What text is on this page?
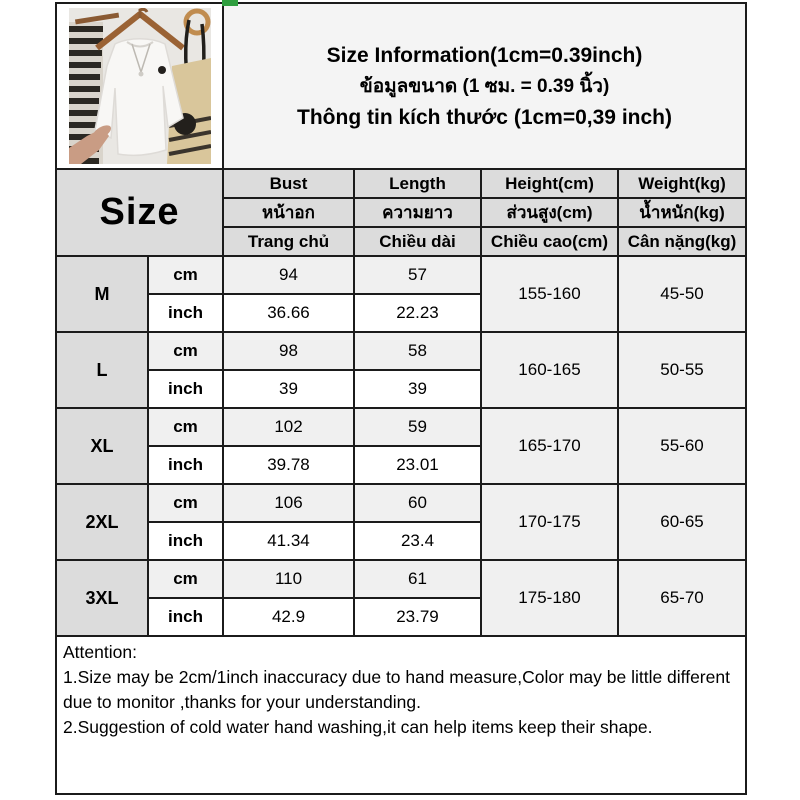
Size Information(1cm=0.39inch)
ข้อมูลขนาด (1 ซม. = 0.39 นิ้ว)
Thông tin kích thước (1cm=0,39 inch)			

Size		Bust	Length	Height(cm)	Weight(kg)
		หน้าอก	ความยาว	ส่วนสูง(cm)	น้ำหนัก(kg)
		Trang chủ	Chiều dài	Chiều cao(cm)	Cân nặng(kg)
M	cm	94	57	155-160	45-50
	inch	36.66	22.23		
L	cm	98	58	160-165	50-55
	inch	39	39		
XL	cm	102	59	165-170	55-60
	inch	39.78	23.01		
2XL	cm	106	60	170-175	60-65
	inch	41.34	23.4		
3XL	cm	110	61	175-180	65-70
	inch	42.9	23.79		

Attention:
1.Size may be 2cm/1inch inaccuracy due to hand measure,Color may be little different due to monitor ,thanks for your understanding.
2.Suggestion of cold water hand washing,it can help items keep their shape.					
